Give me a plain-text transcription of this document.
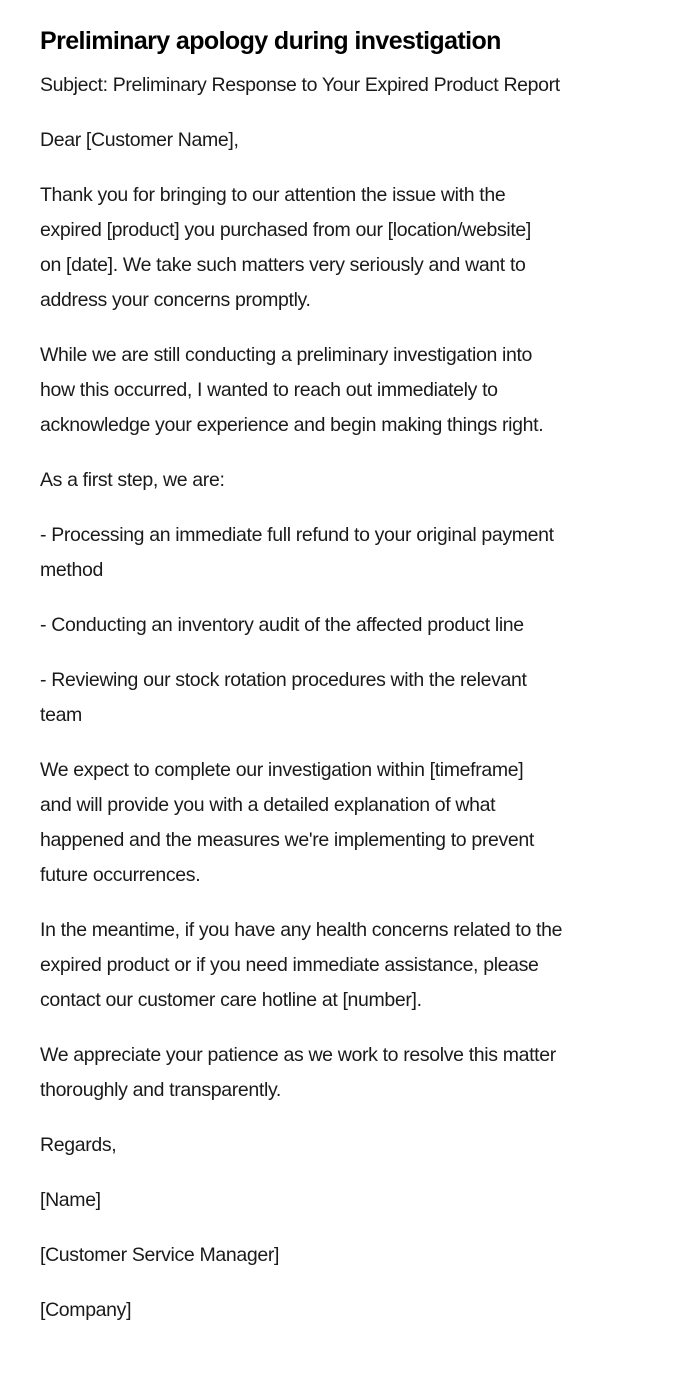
Preliminary apology during investigation

Subject: Preliminary Response to Your Expired Product Report

Dear [Customer Name],

Thank you for bringing to our attention the issue with the
expired [product] you purchased from our [location/website]
on [date]. We take such matters very seriously and want to
address your concerns promptly.

While we are still conducting a preliminary investigation into
how this occurred, I wanted to reach out immediately to
acknowledge your experience and begin making things right.

As a first step, we are:

- Processing an immediate full refund to your original payment
method

- Conducting an inventory audit of the affected product line

- Reviewing our stock rotation procedures with the relevant
team

We expect to complete our investigation within [timeframe]
and will provide you with a detailed explanation of what
happened and the measures we're implementing to prevent
future occurrences.

In the meantime, if you have any health concerns related to the
expired product or if you need immediate assistance, please
contact our customer care hotline at [number].

We appreciate your patience as we work to resolve this matter
thoroughly and transparently.

Regards,

[Name]

[Customer Service Manager]

[Company]
